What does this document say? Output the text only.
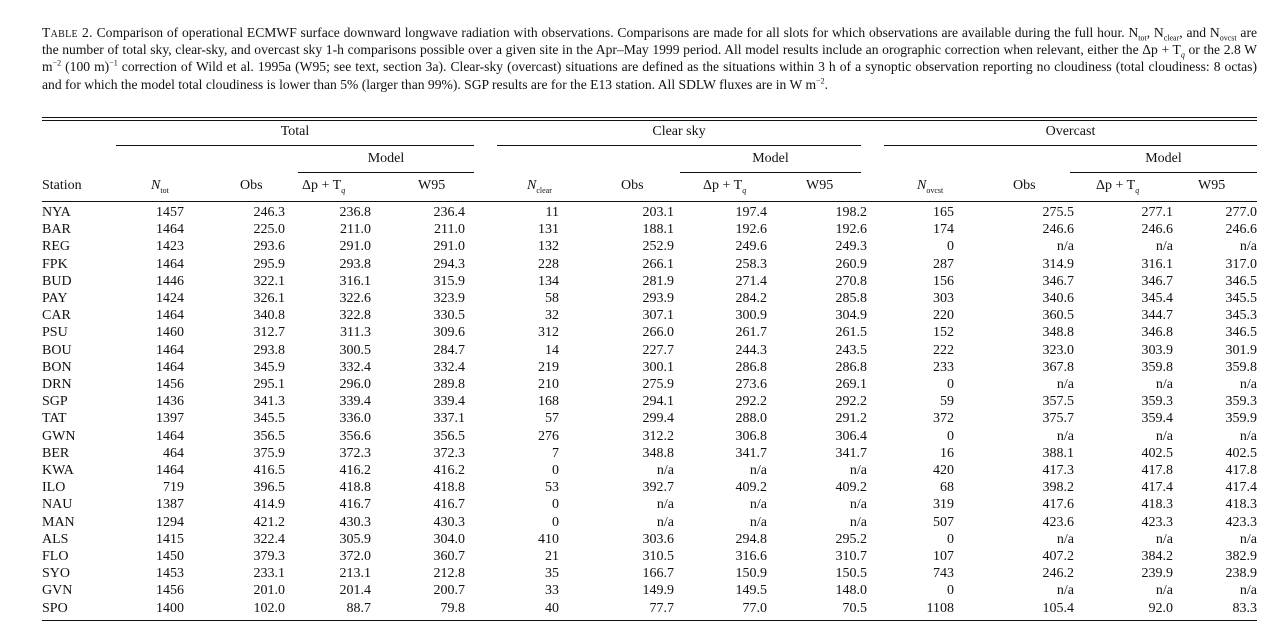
Table 2. Comparison of operational ECMWF surface downward longwave radiation with observations. Comparisons are made for all slots for which observations are available during the full hour. $N_{tot}$, $N_{clear}$, and $N_{ovcst}$ are the number of total sky, clear-sky, and overcast sky 1-h comparisons possible over a given site in the Apr–May 1999 period. All model results include an orographic correction when relevant, either the $\Delta p + T_q$ or the 2.8 W $m^{-2}$ (100 m)$^{-1}$ correction of Wild et al. 1995a (W95; see text, section 3a). Clear-sky (overcast) situations are defined as the situations within 3 h of a synoptic observation reporting no cloudiness (total cloudiness: 8 octas) and for which the model total cloudiness is lower than 5% (larger than 99%). SGP results are for the E13 station. All SDLW fluxes are in W $m^{-2}$.
Total	Clear sky	Overcast
Model	Model	Model
Station	$N_{tot}$	Obs	$\Delta p + T_q$	W95	$N_{clear}$	Obs	$\Delta p + T_q$	W95	$N_{ovcst}$	Obs	$\Delta p + T_q$	W95
NYA	1457	246.3	236.8	236.4	11	203.1	197.4	198.2	165	275.5	277.1	277.0
BAR	1464	225.0	211.0	211.0	131	188.1	192.6	192.6	174	246.6	246.6	246.6
REG	1423	293.6	291.0	291.0	132	252.9	249.6	249.3	0	n/a	n/a	n/a
FPK	1464	295.9	293.8	294.3	228	266.1	258.3	260.9	287	314.9	316.1	317.0
BUD	1446	322.1	316.1	315.9	134	281.9	271.4	270.8	156	346.7	346.7	346.5
PAY	1424	326.1	322.6	323.9	58	293.9	284.2	285.8	303	340.6	345.4	345.5
CAR	1464	340.8	322.8	330.5	32	307.1	300.9	304.9	220	360.5	344.7	345.3
PSU	1460	312.7	311.3	309.6	312	266.0	261.7	261.5	152	348.8	346.8	346.5
BOU	1464	293.8	300.5	284.7	14	227.7	244.3	243.5	222	323.0	303.9	301.9
BON	1464	345.9	332.4	332.4	219	300.1	286.8	286.8	233	367.8	359.8	359.8
DRN	1456	295.1	296.0	289.8	210	275.9	273.6	269.1	0	n/a	n/a	n/a
SGP	1436	341.3	339.4	339.4	168	294.1	292.2	292.2	59	357.5	359.3	359.3
TAT	1397	345.5	336.0	337.1	57	299.4	288.0	291.2	372	375.7	359.4	359.9
GWN	1464	356.5	356.6	356.5	276	312.2	306.8	306.4	0	n/a	n/a	n/a
BER	464	375.9	372.3	372.3	7	348.8	341.7	341.7	16	388.1	402.5	402.5
KWA	1464	416.5	416.2	416.2	0	n/a	n/a	n/a	420	417.3	417.8	417.8
ILO	719	396.5	418.8	418.8	53	392.7	409.2	409.2	68	398.2	417.4	417.4
NAU	1387	414.9	416.7	416.7	0	n/a	n/a	n/a	319	417.6	418.3	418.3
MAN	1294	421.2	430.3	430.3	0	n/a	n/a	n/a	507	423.6	423.3	423.3
ALS	1415	322.4	305.9	304.0	410	303.6	294.8	295.2	0	n/a	n/a	n/a
FLO	1450	379.3	372.0	360.7	21	310.5	316.6	310.7	107	407.2	384.2	382.9
SYO	1453	233.1	213.1	212.8	35	166.7	150.9	150.5	743	246.2	239.9	238.9
GVN	1456	201.0	201.4	200.7	33	149.9	149.5	148.0	0	n/a	n/a	n/a
SPO	1400	102.0	88.7	79.8	40	77.7	77.0	70.5	1108	105.4	92.0	83.3
